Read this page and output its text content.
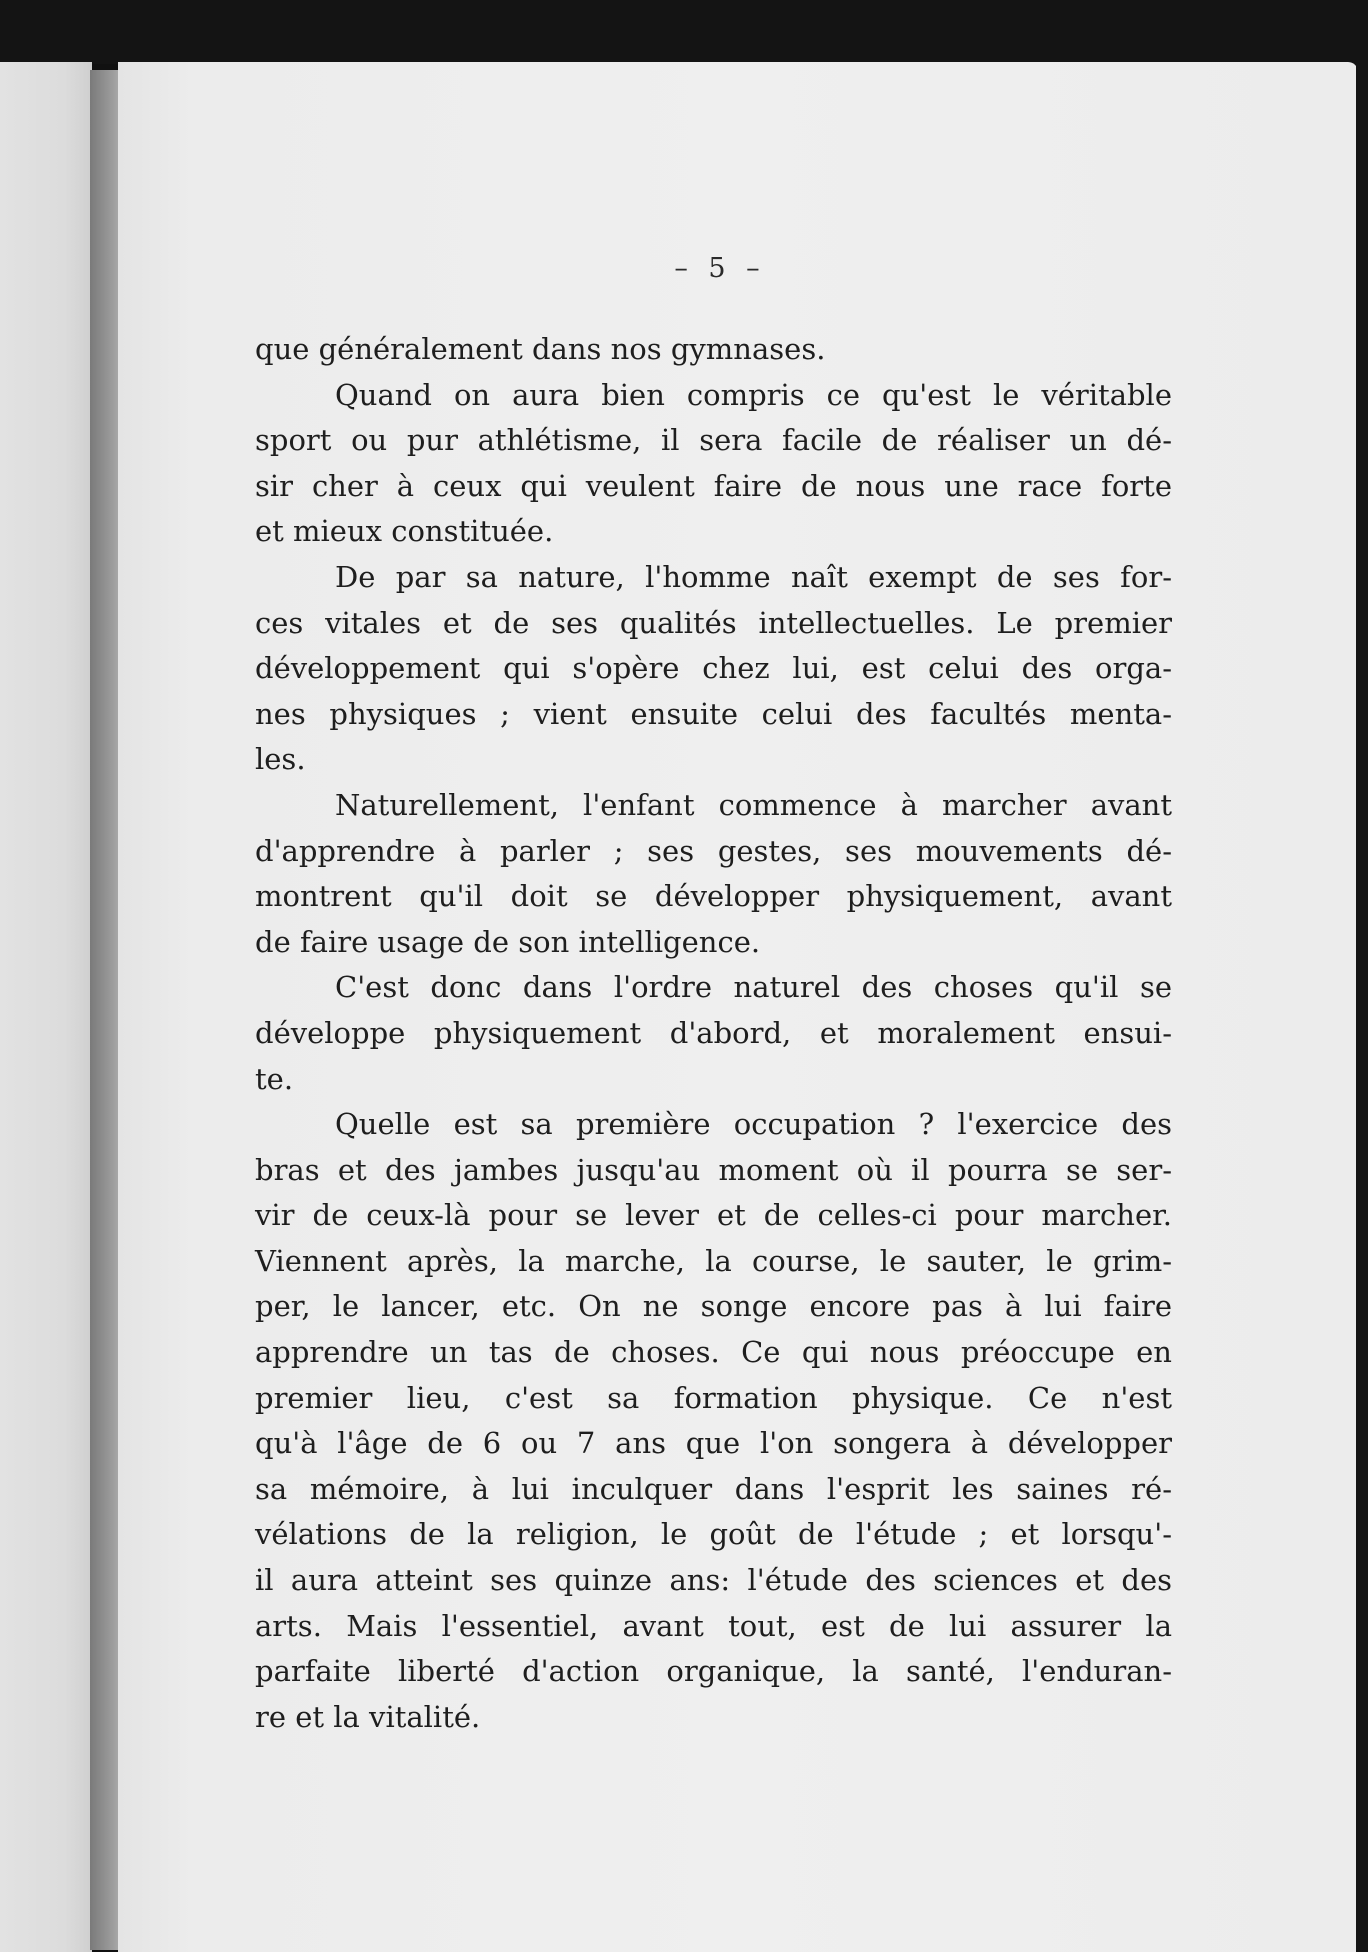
– 5 –
que généralement dans nos gymnases.
Quand on aura bien compris ce qu'est le véritable
sport ou pur athlétisme, il sera facile de réaliser un dé-
sir cher à ceux qui veulent faire de nous une race forte
et mieux constituée.
De par sa nature, l'homme naît exempt de ses for-
ces vitales et de ses qualités intellectuelles. Le premier
développement qui s'opère chez lui, est celui des orga-
nes physiques ; vient ensuite celui des facultés menta-
les.
Naturellement, l'enfant commence à marcher avant
d'apprendre à parler ; ses gestes, ses mouvements dé-
montrent qu'il doit se développer physiquement, avant
de faire usage de son intelligence.
C'est donc dans l'ordre naturel des choses qu'il se
développe physiquement d'abord, et moralement ensui-
te.
Quelle est sa première occupation ? l'exercice des
bras et des jambes jusqu'au moment où il pourra se ser-
vir de ceux-là pour se lever et de celles-ci pour marcher.
Viennent après, la marche, la course, le sauter, le grim-
per, le lancer, etc. On ne songe encore pas à lui faire
apprendre un tas de choses. Ce qui nous préoccupe en
premier lieu, c'est sa formation physique. Ce n'est
qu'à l'âge de 6 ou 7 ans que l'on songera à développer
sa mémoire, à lui inculquer dans l'esprit les saines ré-
vélations de la religion, le goût de l'étude ; et lorsqu'-
il aura atteint ses quinze ans: l'étude des sciences et des
arts. Mais l'essentiel, avant tout, est de lui assurer la
parfaite liberté d'action organique, la santé, l'enduran-
re et la vitalité.
